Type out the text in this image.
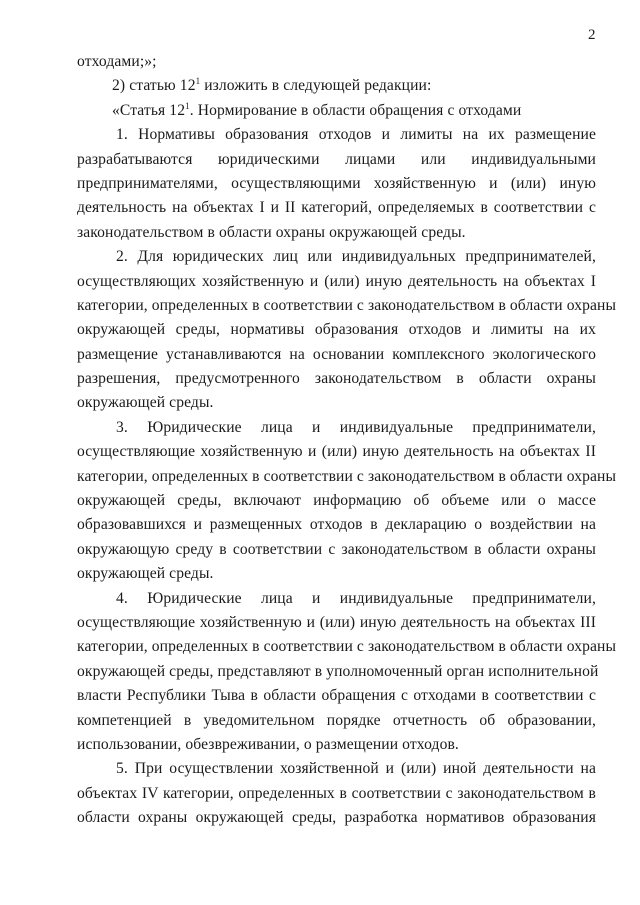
2
отходами;»;
2) статью $12^1$ изложить в следующей редакции:
«Статья $12^1$. Нормирование в области обращения с отходами
1. Нормативы образования отходов и лимиты на их размещение
разрабатываются юридическими лицами или индивидуальными
предпринимателями, осуществляющими хозяйственную и (или) иную
деятельность на объектах I и II категорий, определяемых в соответствии с
законодательством в области охраны окружающей среды.
2. Для юридических лиц или индивидуальных предпринимателей,
осуществляющих хозяйственную и (или) иную деятельность на объектах I
категории, определенных в соответствии с законодательством в области охраны
окружающей среды, нормативы образования отходов и лимиты на их
размещение устанавливаются на основании комплексного экологического
разрешения, предусмотренного законодательством в области охраны
окружающей среды.
3. Юридические лица и индивидуальные предприниматели,
осуществляющие хозяйственную и (или) иную деятельность на объектах II
категории, определенных в соответствии с законодательством в области охраны
окружающей среды, включают информацию об объеме или о массе
образовавшихся и размещенных отходов в декларацию о воздействии на
окружающую среду в соответствии с законодательством в области охраны
окружающей среды.
4. Юридические лица и индивидуальные предприниматели,
осуществляющие хозяйственную и (или) иную деятельность на объектах III
категории, определенных в соответствии с законодательством в области охраны
окружающей среды, представляют в уполномоченный орган исполнительной
власти Республики Тыва в области обращения с отходами в соответствии с
компетенцией в уведомительном порядке отчетность об образовании,
использовании, обезвреживании, о размещении отходов.
5. При осуществлении хозяйственной и (или) иной деятельности на
объектах IV категории, определенных в соответствии с законодательством в
области охраны окружающей среды, разработка нормативов образования
